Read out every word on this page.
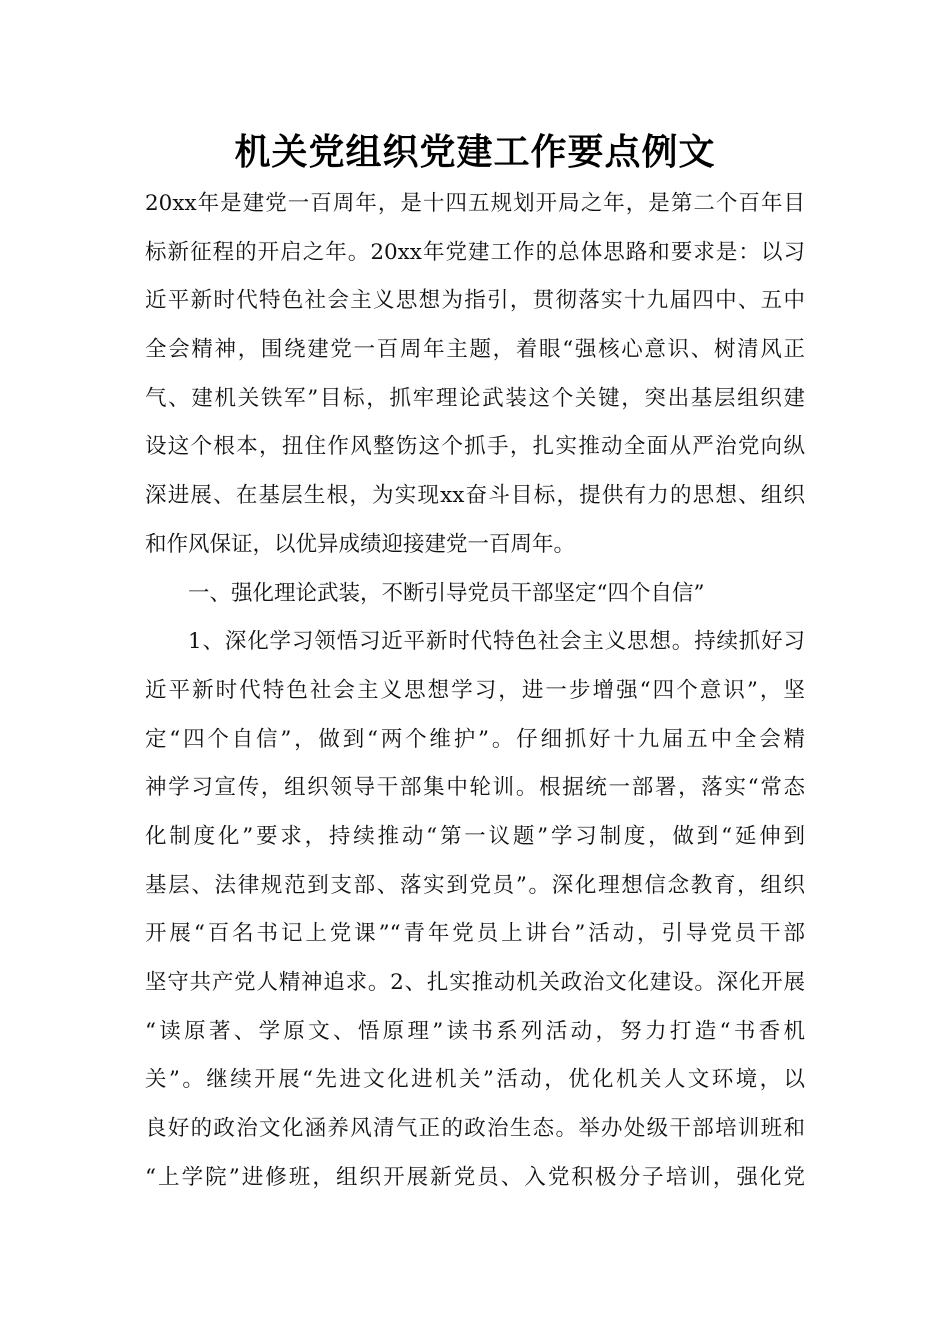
机关党组织党建工作要点例文
20xx年是建党一百周年，是十四五规划开局之年，是第二个百年目
标新征程的开启之年。20xx年党建工作的总体思路和要求是：以习
近平新时代特色社会主义思想为指引，贯彻落实十九届四中、五中
全会精神，围绕建党一百周年主题，着眼“强核心意识、树清风正
气、建机关铁军”目标，抓牢理论武装这个关键，突出基层组织建
设这个根本，扭住作风整饬这个抓手，扎实推动全面从严治党向纵
深进展、在基层生根，为实现xx奋斗目标，提供有力的思想、组织
和作风保证，以优异成绩迎接建党一百周年。
一、强化理论武装，不断引导党员干部坚定“四个自信”
1、深化学习领悟习近平新时代特色社会主义思想。持续抓好习
近平新时代特色社会主义思想学习，进一步增强“四个意识”，坚
定“四个自信”，做到“两个维护”。仔细抓好十九届五中全会精
神学习宣传，组织领导干部集中轮训。根据统一部署，落实“常态
化制度化”要求，持续推动“第一议题”学习制度，做到“延伸到
基层、法律规范到支部、落实到党员”。深化理想信念教育，组织
开展“百名书记上党课”“青年党员上讲台”活动，引导党员干部
坚守共产党人精神追求。2、扎实推动机关政治文化建设。深化开展
“读原著、学原文、悟原理”读书系列活动，努力打造“书香机
关”。继续开展“先进文化进机关”活动，优化机关人文环境，以
良好的政治文化涵养风清气正的政治生态。举办处级干部培训班和
“上学院”进修班，组织开展新党员、入党积极分子培训，强化党
